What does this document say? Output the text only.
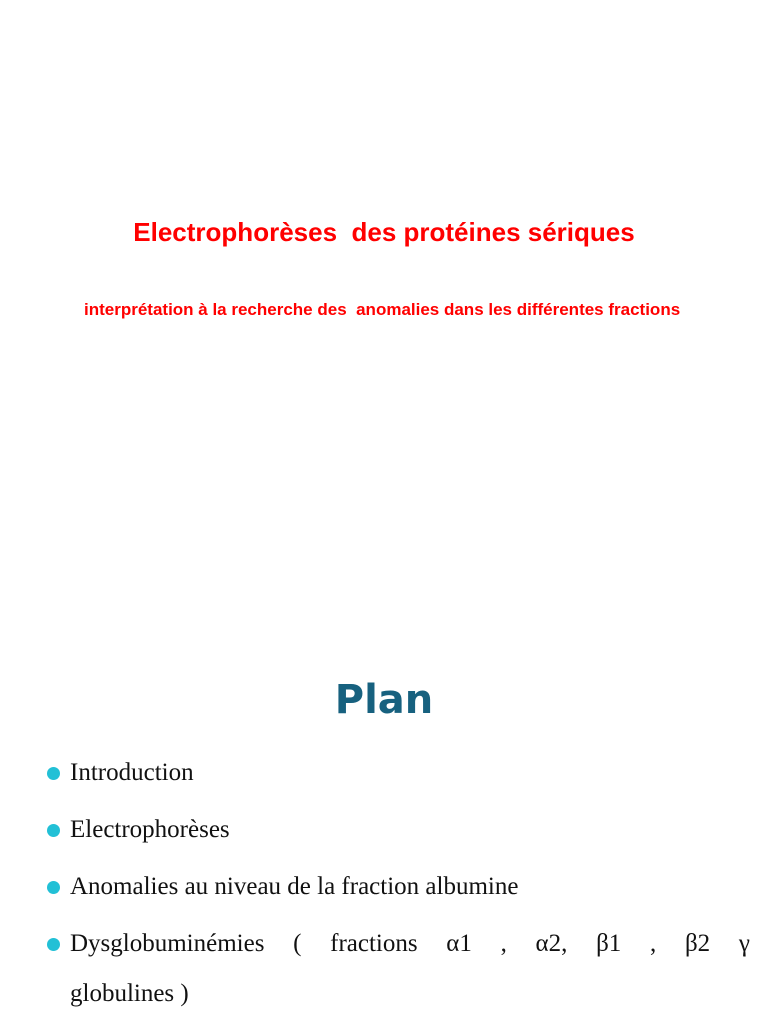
Electrophorèses  des protéines sériques
interprétation à la recherche des  anomalies dans les différentes fractions
Plan
Introduction
Electrophorèses
Anomalies au niveau de la fraction albumine
Dysglobuminémies ( fractions α1 , α2, β1 , β2 γ
globulines )
